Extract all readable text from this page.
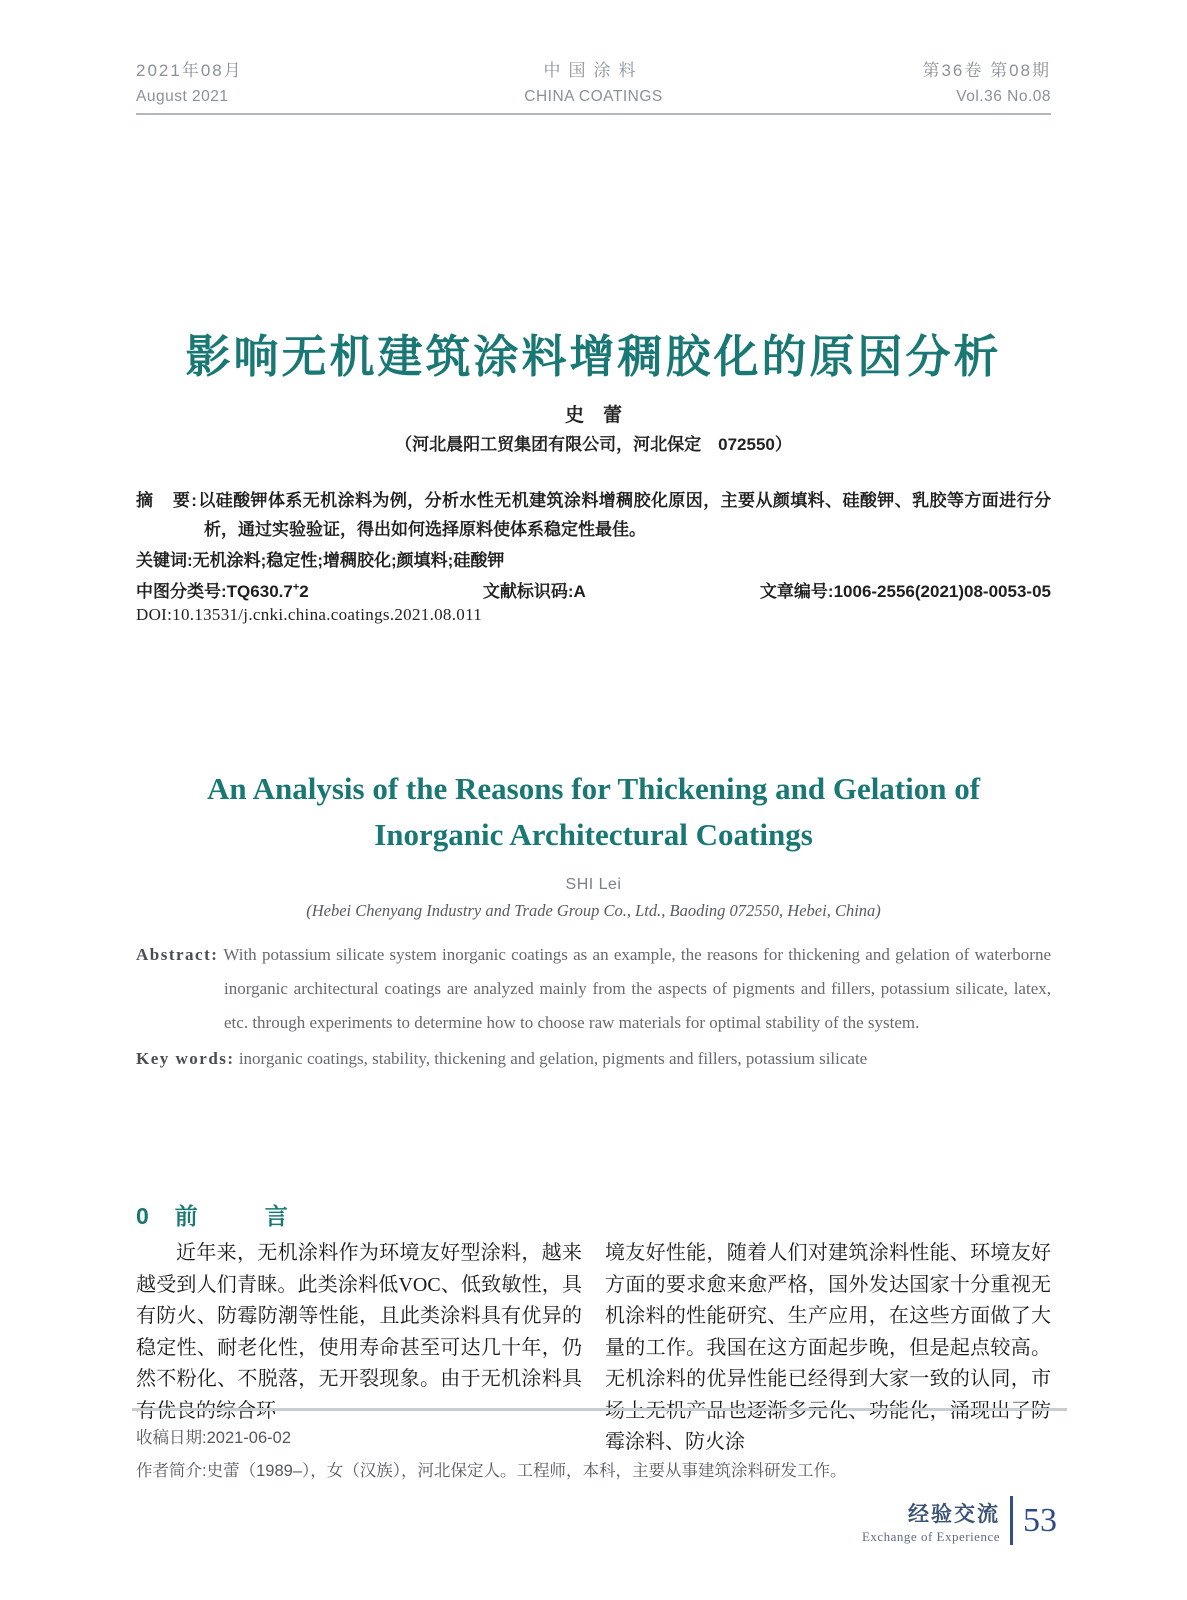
2021年08月
August 2021
中国涂料
CHINA COATINGS
第36卷 第08期
Vol.36 No.08
影响无机建筑涂料增稠胶化的原因分析
史　蕾
（河北晨阳工贸集团有限公司，河北保定　072550）

摘　要:以硅酸钾体系无机涂料为例，分析水性无机建筑涂料增稠胶化原因，主要从颜填料、硅酸钾、乳胶等方面进行分析，通过实验验证，得出如何选择原料使体系稳定性最佳。

关键词:无机涂料;稳定性;增稠胶化;颜填料;硅酸钾

中图分类号:TQ630.7+2	文献标识码:A	文章编号:1006-2556(2021)08-0053-05
DOI:10.13531/j.cnki.china.coatings.2021.08.011
An Analysis of the Reasons for Thickening and Gelation of
Inorganic Architectural Coatings
SHI Lei
(Hebei Chenyang Industry and Trade Group Co., Ltd., Baoding 072550, Hebei, China)

Abstract: With potassium silicate system inorganic coatings as an example, the reasons for thickening and gelation of waterborne inorganic architectural coatings are analyzed mainly from the aspects of pigments and fillers, potassium silicate, latex, etc. through experiments to determine how to choose raw materials for optimal stability of the system.

Key words: inorganic coatings, stability, thickening and gelation, pigments and fillers, potassium silicate

0 前　言

近年来，无机涂料作为环境友好型涂料，越来越受到人们青睐。此类涂料低VOC、低致敏性，具有防火、防霉防潮等性能，且此类涂料具有优异的稳定性、耐老化性，使用寿命甚至可达几十年，仍然不粉化、不脱落，无开裂现象。由于无机涂料具有优良的综合环

境友好性能，随着人们对建筑涂料性能、环境友好方面的要求愈来愈严格，国外发达国家十分重视无机涂料的性能研究、生产应用，在这些方面做了大量的工作。我国在这方面起步晚，但是起点较高。无机涂料的优异性能已经得到大家一致的认同，市场上无机产品也逐渐多元化、功能化，涌现出了防霉涂料、防火涂

收稿日期:2021-06-02
作者简介:史蕾（1989–），女（汉族），河北保定人。工程师，本科，主要从事建筑涂料研发工作。
经验交流
Exchange of Experience 53
